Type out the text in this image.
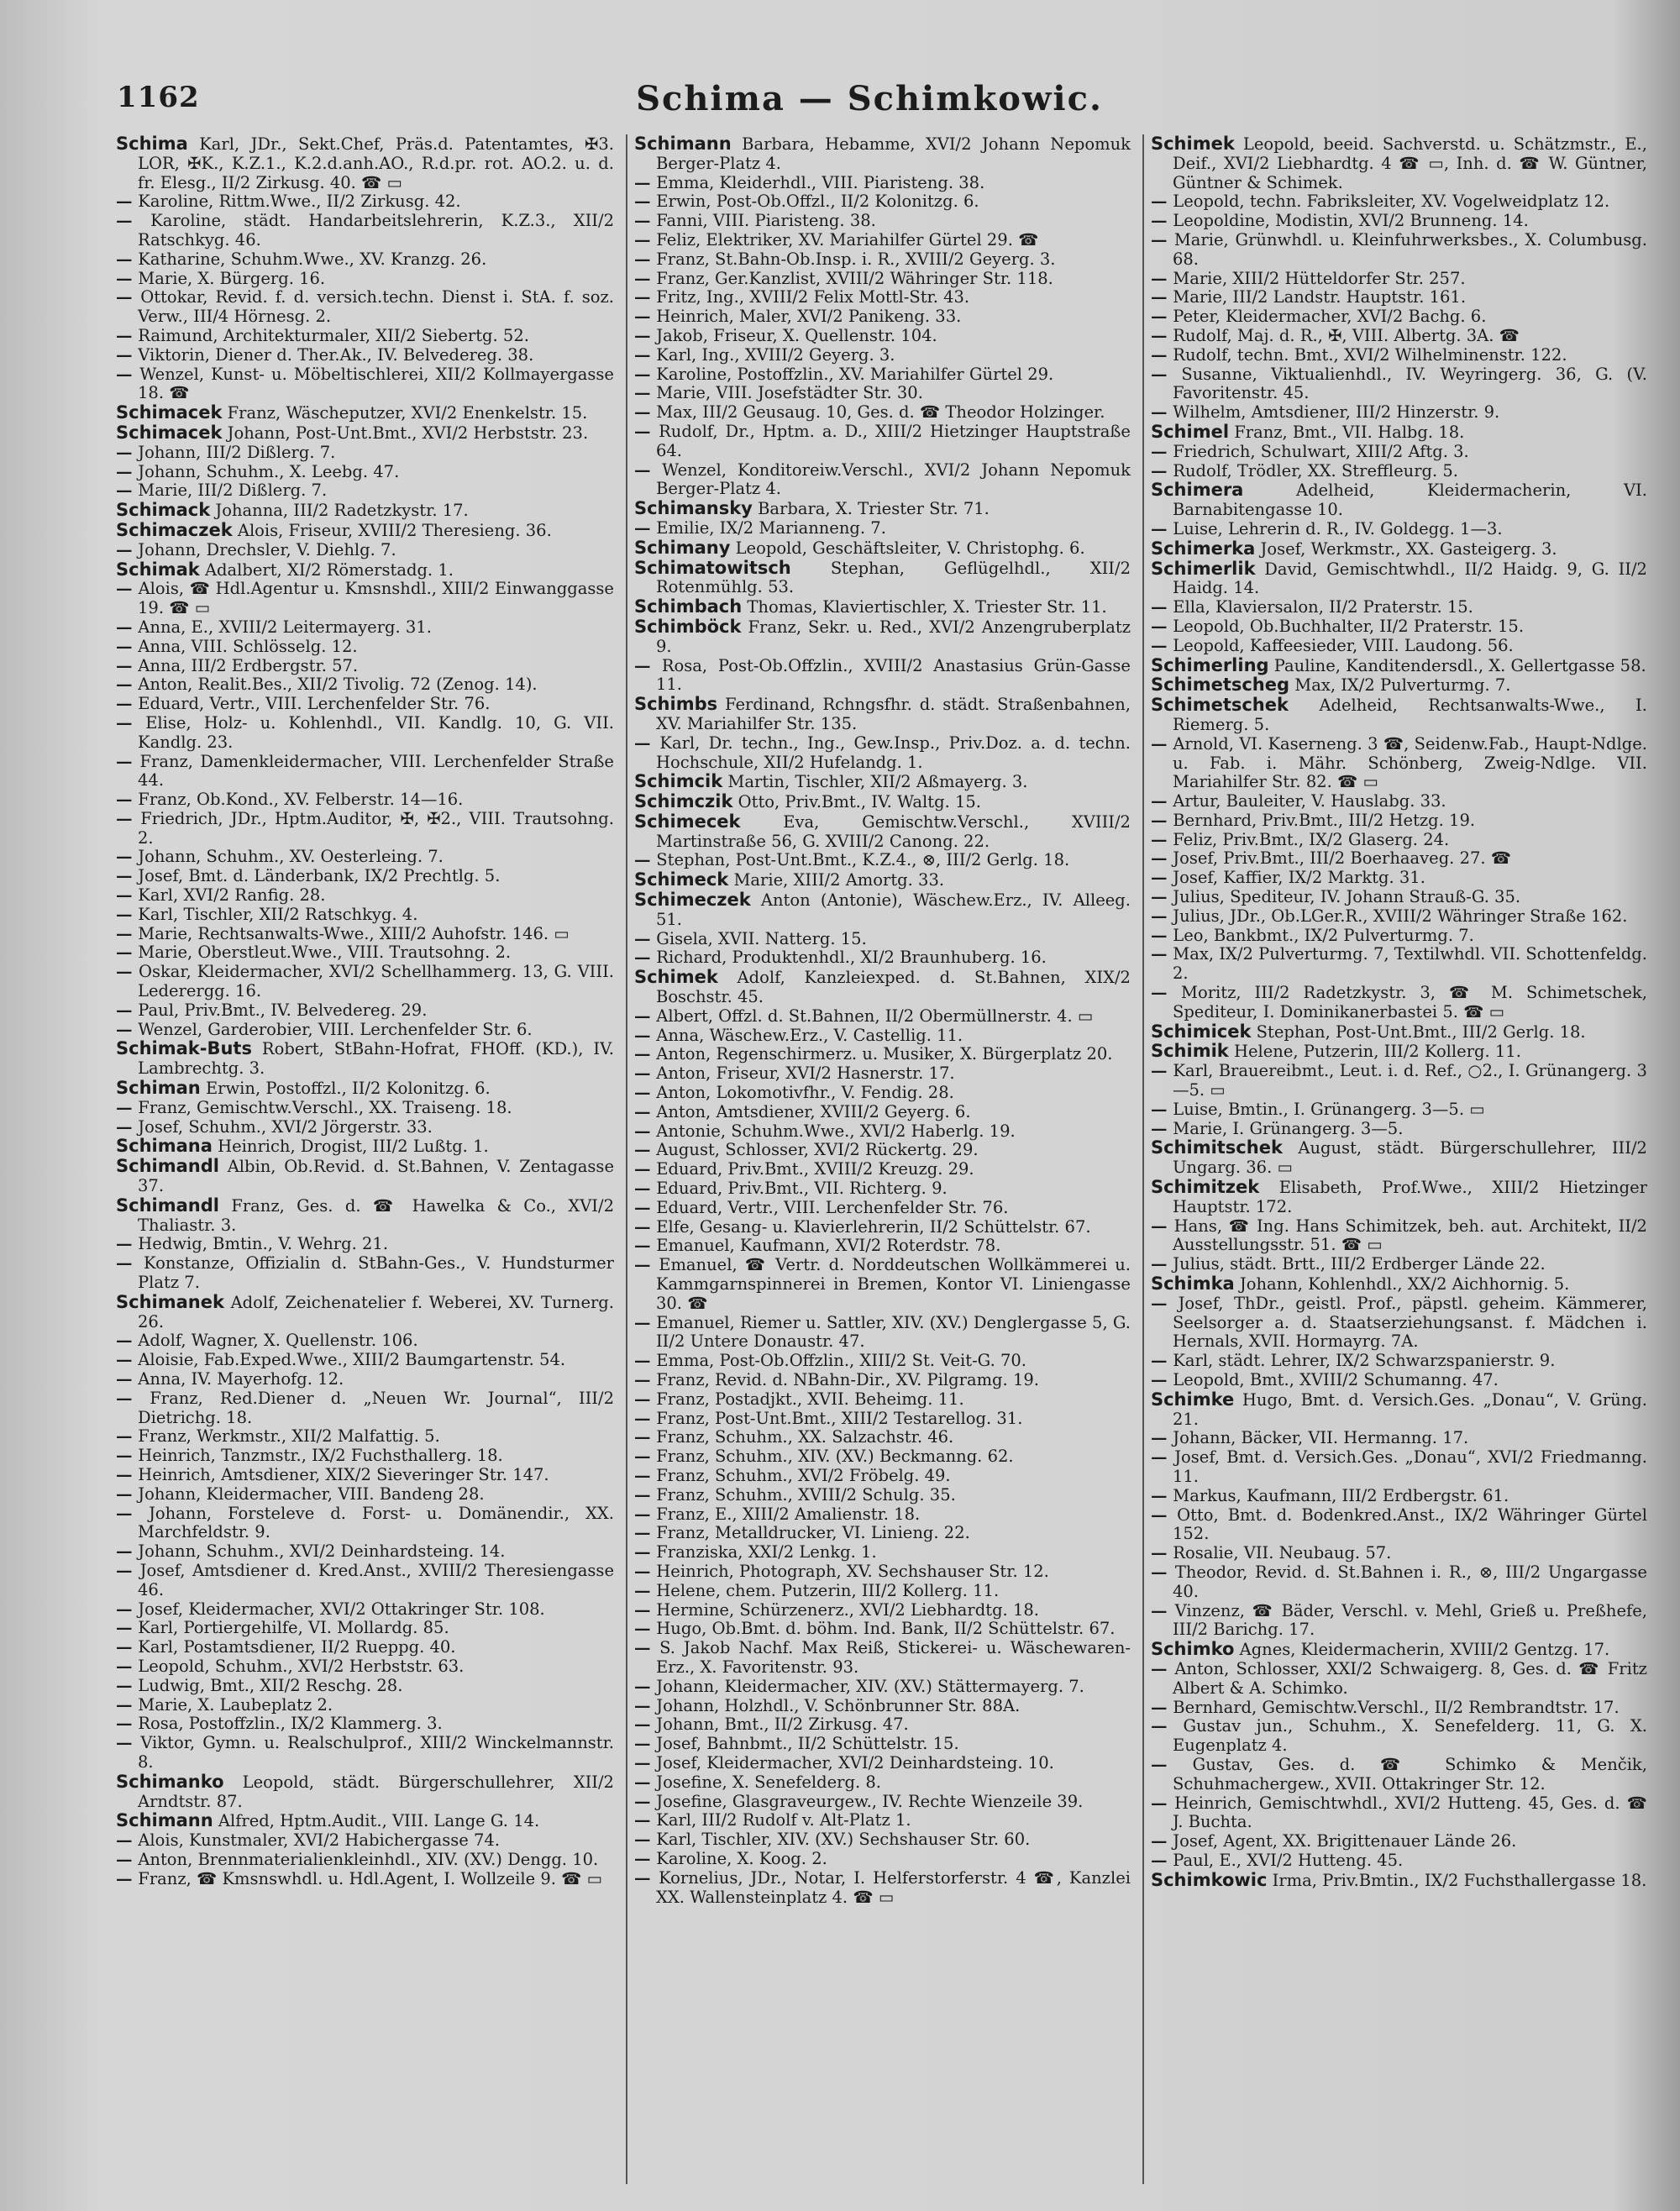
1162	Schima — Schimkowic.
Schima Karl, JDr., Sekt.Chef, Präs.d. Patentamtes, ✠3. LOR, ✠K., K.Z.1., K.2.d.anh.AO., R.d.pr. rot. AO.2. u. d. fr. Elesg., II/2 Zirkusg. 40. ☎ ▭
— Karoline, Rittm.Wwe., II/2 Zirkusg. 42.
— Karoline, städt. Handarbeitslehrerin, K.Z.3., XII/2 Ratschkyg. 46.
— Katharine, Schuhm.Wwe., XV. Kranzg. 26.
— Marie, X. Bürgerg. 16.
— Ottokar, Revid. f. d. versich.techn. Dienst i. StA. f. soz. Verw., III/4 Hörnesg. 2.
— Raimund, Architekturmaler, XII/2 Siebertg. 52.
— Viktorin, Diener d. Ther.Ak., IV. Belvedereg. 38.
— Wenzel, Kunst- u. Möbeltischlerei, XII/2 Kollmayergasse 18. ☎
Schimacek Franz, Wäscheputzer, XVI/2 Enenkelstr. 15.
Schimacek Johann, Post-Unt.Bmt., XVI/2 Herbststr. 23.
— Johann, III/2 Dißlerg. 7.
— Johann, Schuhm., X. Leebg. 47.
— Marie, III/2 Dißlerg. 7.
Schimack Johanna, III/2 Radetzkystr. 17.
Schimaczek Alois, Friseur, XVIII/2 Theresieng. 36.
— Johann, Drechsler, V. Diehlg. 7.
Schimak Adalbert, XI/2 Römerstadg. 1.
— Alois, ☎ Hdl.Agentur u. Kmsnshdl., XIII/2 Einwanggasse 19. ☎ ▭
— Anna, E., XVIII/2 Leitermayerg. 31.
— Anna, VIII. Schlösselg. 12.
— Anna, III/2 Erdbergstr. 57.
— Anton, Realit.Bes., XII/2 Tivolig. 72 (Zenog. 14).
— Eduard, Vertr., VIII. Lerchenfelder Str. 76.
— Elise, Holz- u. Kohlenhdl., VII. Kandlg. 10, G. VII. Kandlg. 23.
— Franz, Damenkleidermacher, VIII. Lerchenfelder Straße 44.
— Franz, Ob.Kond., XV. Felberstr. 14—16.
— Friedrich, JDr., Hptm.Auditor, ✠, ✠2., VIII. Trautsohng. 2.
— Johann, Schuhm., XV. Oesterleing. 7.
— Josef, Bmt. d. Länderbank, IX/2 Prechtlg. 5.
— Karl, XVI/2 Ranfig. 28.
— Karl, Tischler, XII/2 Ratschkyg. 4.
— Marie, Rechtsanwalts-Wwe., XIII/2 Auhofstr. 146. ▭
— Marie, Oberstleut.Wwe., VIII. Trautsohng. 2.
— Oskar, Kleidermacher, XVI/2 Schellhammerg. 13, G. VIII. Lederergg. 16.
— Paul, Priv.Bmt., IV. Belvedereg. 29.
— Wenzel, Garderobier, VIII. Lerchenfelder Str. 6.
Schimak-Buts Robert, StBahn-Hofrat, FHOff. (KD.), IV. Lambrechtg. 3.
Schiman Erwin, Postoffzl., II/2 Kolonitzg. 6.
— Franz, Gemischtw.Verschl., XX. Traiseng. 18.
— Josef, Schuhm., XVI/2 Jörgerstr. 33.
Schimana Heinrich, Drogist, III/2 Lußtg. 1.
Schimandl Albin, Ob.Revid. d. St.Bahnen, V. Zentagasse 37.
Schimandl Franz, Ges. d. ☎ Hawelka & Co., XVI/2 Thaliastr. 3.
— Hedwig, Bmtin., V. Wehrg. 21.
— Konstanze, Offizialin d. StBahn-Ges., V. Hundsturmer Platz 7.
Schimanek Adolf, Zeichenatelier f. Weberei, XV. Turnerg. 26.
— Adolf, Wagner, X. Quellenstr. 106.
— Aloisie, Fab.Exped.Wwe., XIII/2 Baumgartenstr. 54.
— Anna, IV. Mayerhofg. 12.
— Franz, Red.Diener d. „Neuen Wr. Journal“, III/2 Dietrichg. 18.
— Franz, Werkmstr., XII/2 Malfattig. 5.
— Heinrich, Tanzmstr., IX/2 Fuchsthallerg. 18.
— Heinrich, Amtsdiener, XIX/2 Sieveringer Str. 147.
— Johann, Kleidermacher, VIII. Bandeng 28.
— Johann, Forsteleve d. Forst- u. Domänendir., XX. Marchfeldstr. 9.
— Johann, Schuhm., XVI/2 Deinhardsteing. 14.
— Josef, Amtsdiener d. Kred.Anst., XVIII/2 Theresiengasse 46.
— Josef, Kleidermacher, XVI/2 Ottakringer Str. 108.
— Karl, Portiergehilfe, VI. Mollardg. 85.
— Karl, Postamtsdiener, II/2 Rueppg. 40.
— Leopold, Schuhm., XVI/2 Herbststr. 63.
— Ludwig, Bmt., XII/2 Reschg. 28.
— Marie, X. Laubeplatz 2.
— Rosa, Postoffzlin., IX/2 Klammerg. 3.
— Viktor, Gymn. u. Realschulprof., XIII/2 Winckelmannstr. 8.
Schimanko Leopold, städt. Bürgerschullehrer, XII/2 Arndtstr. 87.
Schimann Alfred, Hptm.Audit., VIII. Lange G. 14.
— Alois, Kunstmaler, XVI/2 Habichergasse 74.
— Anton, Brennmaterialienkleinhdl., XIV. (XV.) Dengg. 10.
— Franz, ☎ Kmsnswhdl. u. Hdl.Agent, I. Wollzeile 9. ☎ ▭
Schimann Barbara, Hebamme, XVI/2 Johann Nepomuk Berger-Platz 4.
— Emma, Kleiderhdl., VIII. Piaristeng. 38.
— Erwin, Post-Ob.Offzl., II/2 Kolonitzg. 6.
— Fanni, VIII. Piaristeng. 38.
— Feliz, Elektriker, XV. Mariahilfer Gürtel 29. ☎
— Franz, St.Bahn-Ob.Insp. i. R., XVIII/2 Geyerg. 3.
— Franz, Ger.Kanzlist, XVIII/2 Währinger Str. 118.
— Fritz, Ing., XVIII/2 Felix Mottl-Str. 43.
— Heinrich, Maler, XVI/2 Panikeng. 33.
— Jakob, Friseur, X. Quellenstr. 104.
— Karl, Ing., XVIII/2 Geyerg. 3.
— Karoline, Postoffzlin., XV. Mariahilfer Gürtel 29.
— Marie, VIII. Josefstädter Str. 30.
— Max, III/2 Geusaug. 10, Ges. d. ☎ Theodor Holzinger.
— Rudolf, Dr., Hptm. a. D., XIII/2 Hietzinger Hauptstraße 64.
— Wenzel, Konditoreiw.Verschl., XVI/2 Johann Nepomuk Berger-Platz 4.
Schimansky Barbara, X. Triester Str. 71.
— Emilie, IX/2 Marianneng. 7.
Schimany Leopold, Geschäftsleiter, V. Christophg. 6.
Schimatowitsch Stephan, Geflügelhdl., XII/2 Rotenmühlg. 53.
Schimbach Thomas, Klaviertischler, X. Triester Str. 11.
Schimböck Franz, Sekr. u. Red., XVI/2 Anzengruberplatz 9.
— Rosa, Post-Ob.Offzlin., XVIII/2 Anastasius Grün-Gasse 11.
Schimbs Ferdinand, Rchngsfhr. d. städt. Straßenbahnen, XV. Mariahilfer Str. 135.
— Karl, Dr. techn., Ing., Gew.Insp., Priv.Doz. a. d. techn. Hochschule, XII/2 Hufelandg. 1.
Schimcik Martin, Tischler, XII/2 Aßmayerg. 3.
Schimczik Otto, Priv.Bmt., IV. Waltg. 15.
Schimecek	Eva, Gemischtw.Verschl., XVIII/2 Martinstraße 56, G. XVIII/2 Canong. 22.
— Stephan, Post-Unt.Bmt., K.Z.4., ⊗, III/2 Gerlg. 18.
Schimeck Marie, XIII/2 Amortg. 33.
Schimeczek Anton (Antonie), Wäschew.Erz., IV. Alleeg. 51.
— Gisela, XVII. Natterg. 15.
— Richard, Produktenhdl., XI/2 Braunhuberg. 16.
Schimek Adolf, Kanzleiexped. d. St.Bahnen, XIX/2 Boschstr. 45.
— Albert, Offzl. d. St.Bahnen, II/2 Obermüllnerstr. 4. ▭
— Anna, Wäschew.Erz., V. Castellig. 11.
— Anton, Regenschirmerz. u. Musiker, X. Bürgerplatz 20.
— Anton, Friseur, XVI/2 Hasnerstr. 17.
— Anton, Lokomotivfhr., V. Fendig. 28.
— Anton, Amtsdiener, XVIII/2 Geyerg. 6.
— Antonie, Schuhm.Wwe., XVI/2 Haberlg. 19.
— August, Schlosser, XVI/2 Rückertg. 29.
— Eduard, Priv.Bmt., XVIII/2 Kreuzg. 29.
— Eduard, Priv.Bmt., VII. Richterg. 9.
— Eduard, Vertr., VIII. Lerchenfelder Str. 76.
— Elfe, Gesang- u. Klavierlehrerin, II/2 Schüttelstr. 67.
— Emanuel, Kaufmann, XVI/2 Roterdstr. 78.
— Emanuel, ☎ Vertr. d. Norddeutschen Wollkämmerei u. Kammgarnspinnerei in Bremen, Kontor VI. Liniengasse 30. ☎
— Emanuel, Riemer u. Sattler, XIV. (XV.) Denglergasse 5, G. II/2 Untere Donaustr. 47.
— Emma, Post-Ob.Offzlin., XIII/2 St. Veit-G. 70.
— Franz, Revid. d. NBahn-Dir., XV. Pilgramg. 19.
— Franz, Postadjkt., XVII. Beheimg. 11.
— Franz, Post-Unt.Bmt., XIII/2 Testarellog. 31.
— Franz, Schuhm., XX. Salzachstr. 46.
— Franz, Schuhm., XIV. (XV.) Beckmanng. 62.
— Franz, Schuhm., XVI/2 Fröbelg. 49.
— Franz, Schuhm., XVIII/2 Schulg. 35.
— Franz, E., XIII/2 Amalienstr. 18.
— Franz, Metalldrucker, VI. Linieng. 22.
— Franziska, XXI/2 Lenkg. 1.
— Heinrich, Photograph, XV. Sechshauser Str. 12.
— Helene, chem. Putzerin, III/2 Kollerg. 11.
— Hermine, Schürzenerz., XVI/2 Liebhardtg. 18.
— Hugo, Ob.Bmt. d. böhm. Ind. Bank, II/2 Schüttelstr. 67.
— S. Jakob Nachf. Max Reiß, Stickerei- u. Wäschewaren-Erz., X. Favoritenstr. 93.
— Johann, Kleidermacher, XIV. (XV.) Stättermayerg. 7.
— Johann, Holzhdl., V. Schönbrunner Str. 88A.
— Johann, Bmt., II/2 Zirkusg. 47.
— Josef, Bahnbmt., II/2 Schüttelstr. 15.
— Josef, Kleidermacher, XVI/2 Deinhardsteing. 10.
— Josefine, X. Senefelderg. 8.
— Josefine, Glasgraveurgew., IV. Rechte Wienzeile 39.
— Karl, III/2 Rudolf v. Alt-Platz 1.
— Karl, Tischler, XIV. (XV.) Sechshauser Str. 60.
— Karoline, X. Koog. 2.
— Kornelius, JDr., Notar, I. Helferstorferstr. 4 ☎, Kanzlei XX. Wallensteinplatz 4. ☎ ▭
Schimek Leopold, beeid. Sachverstd. u. Schätzmstr., E., Deif., XVI/2 Liebhardtg. 4 ☎ ▭, Inh. d. ☎ W. Güntner, Güntner & Schimek.
— Leopold, techn. Fabriksleiter, XV. Vogelweidplatz 12.
— Leopoldine, Modistin, XVI/2 Brunneng. 14.
— Marie, Grünwhdl. u. Kleinfuhrwerksbes., X. Columbusg. 68.
— Marie, XIII/2 Hütteldorfer Str. 257.
— Marie, III/2 Landstr. Hauptstr. 161.
— Peter, Kleidermacher, XVI/2 Bachg. 6.
— Rudolf, Maj. d. R., ✠, VIII. Albertg. 3A. ☎
— Rudolf, techn. Bmt., XVI/2 Wilhelminenstr. 122.
— Susanne, Viktualienhdl., IV. Weyringerg. 36, G. (V. Favoritenstr. 45.
— Wilhelm, Amtsdiener, III/2 Hinzerstr. 9.
Schimel Franz, Bmt., VII. Halbg. 18.
— Friedrich, Schulwart, XIII/2 Aftg. 3.
— Rudolf, Trödler, XX. Streffleurg. 5.
Schimera	Adelheid, Kleidermacherin, VI. Barnabitengasse 10.
— Luise, Lehrerin d. R., IV. Goldegg. 1—3.
Schimerka Josef, Werkmstr., XX. Gasteigerg. 3.
Schimerlik David, Gemischtwhdl., II/2 Haidg. 9, G. II/2 Haidg. 14.
— Ella, Klaviersalon, II/2 Praterstr. 15.
— Leopold, Ob.Buchhalter, II/2 Praterstr. 15.
— Leopold, Kaffeesieder, VIII. Laudong. 56.
Schimerling Pauline, Kanditendersdl., X. Gellertgasse 58.
Schimetscheg Max, IX/2 Pulverturmg. 7.
Schimetschek Adelheid, Rechtsanwalts-Wwe., I. Riemerg. 5.
— Arnold, VI. Kaserneng. 3 ☎, Seidenw.Fab., Haupt-Ndlge. u. Fab. i. Mähr. Schönberg, Zweig-Ndlge. VII. Mariahilfer Str. 82. ☎ ▭
— Artur, Bauleiter, V. Hauslabg. 33.
— Bernhard, Priv.Bmt., III/2 Hetzg. 19.
— Feliz, Priv.Bmt., IX/2 Glaserg. 24.
— Josef, Priv.Bmt., III/2 Boerhaaveg. 27. ☎
— Josef, Kaffier, IX/2 Marktg. 31.
— Julius, Spediteur, IV. Johann Strauß-G. 35.
— Julius, JDr., Ob.LGer.R., XVIII/2 Währinger Straße 162.
— Leo, Bankbmt., IX/2 Pulverturmg. 7.
— Max, IX/2 Pulverturmg. 7, Textilwhdl. VII. Schottenfeldg. 2.
— Moritz, III/2 Radetzkystr. 3, ☎ M. Schimetschek, Spediteur, I. Dominikanerbastei 5. ☎ ▭
Schimicek Stephan, Post-Unt.Bmt., III/2 Gerlg. 18.
Schimik Helene, Putzerin, III/2 Kollerg. 11.
— Karl, Brauereibmt., Leut. i. d. Ref., ○2., I. Grünangerg. 3—5. ▭
— Luise, Bmtin., I. Grünangerg. 3—5. ▭
— Marie, I. Grünangerg. 3—5.
Schimitschek August, städt. Bürgerschullehrer, III/2 Ungarg. 36. ▭
Schimitzek Elisabeth, Prof.Wwe., XIII/2 Hietzinger Hauptstr. 172.
— Hans, ☎ Ing. Hans Schimitzek, beh. aut. Architekt, II/2 Ausstellungsstr. 51. ☎ ▭
— Julius, städt. Brtt., III/2 Erdberger Lände 22.
Schimka Johann, Kohlenhdl., XX/2 Aichhornig. 5.
— Josef, ThDr., geistl. Prof., päpstl. geheim. Kämmerer, Seelsorger a. d. Staatserziehungsanst. f. Mädchen i. Hernals, XVII. Hormayrg. 7A.
— Karl, städt. Lehrer, IX/2 Schwarzspanierstr. 9.
— Leopold, Bmt., XVIII/2 Schumanng. 47.
Schimke Hugo, Bmt. d. Versich.Ges. „Donau“, V. Grüng. 21.
— Johann, Bäcker, VII. Hermanng. 17.
— Josef, Bmt. d. Versich.Ges. „Donau“, XVI/2 Friedmanng. 11.
— Markus, Kaufmann, III/2 Erdbergstr. 61.
— Otto, Bmt. d. Bodenkred.Anst., IX/2 Währinger Gürtel 152.
— Rosalie, VII. Neubaug. 57.
— Theodor, Revid. d. St.Bahnen i. R., ⊗, III/2 Ungargasse 40.
— Vinzenz, ☎ Bäder, Verschl. v. Mehl, Grieß u. Preßhefe, III/2 Barichg. 17.
Schimko Agnes, Kleidermacherin, XVIII/2 Gentzg. 17.
— Anton, Schlosser, XXI/2 Schwaigerg. 8, Ges. d. ☎ Fritz Albert & A. Schimko.
— Bernhard, Gemischtw.Verschl., II/2 Rembrandtstr. 17.
— Gustav jun., Schuhm., X. Senefelderg. 11, G. X. Eugenplatz 4.
— Gustav, Ges. d. ☎ Schimko & Menčik, Schuhmachergew., XVII. Ottakringer Str. 12.
— Heinrich, Gemischtwhdl., XVI/2 Hutteng. 45, Ges. d. ☎ J. Buchta.
— Josef, Agent, XX. Brigittenauer Lände 26.
— Paul, E., XVI/2 Hutteng. 45.
Schimkowic Irma, Priv.Bmtin., IX/2 Fuchsthallergasse 18.
